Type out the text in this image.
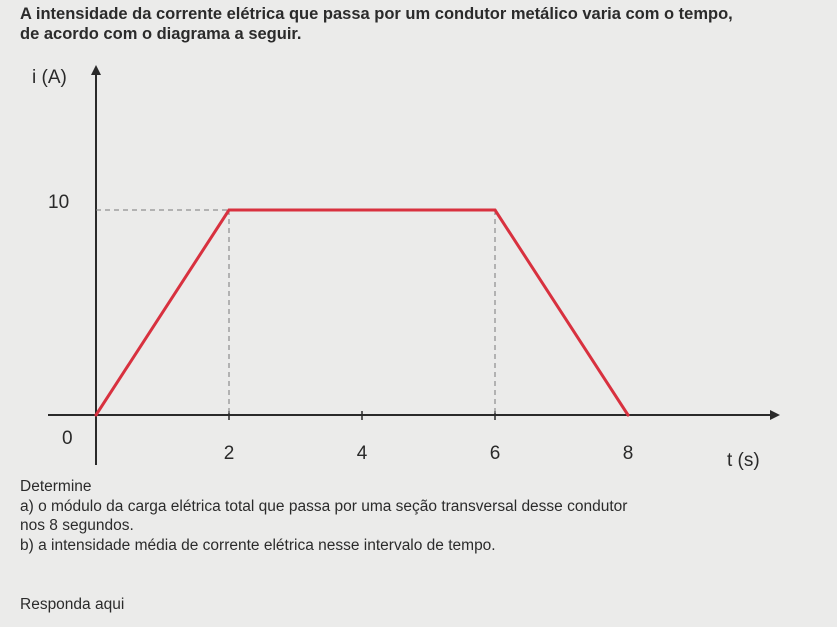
A intensidade da corrente elétrica que passa por um condutor metálico varia com o tempo,
de acordo com o diagrama a seguir.
i (A)
t (s)
0
10
2	4	6	8

Determine

a) o módulo da carga elétrica total que passa por uma seção transversal desse condutor

nos 8 segundos.

b) a intensidade média de corrente elétrica nesse intervalo de tempo.

Responda aqui
